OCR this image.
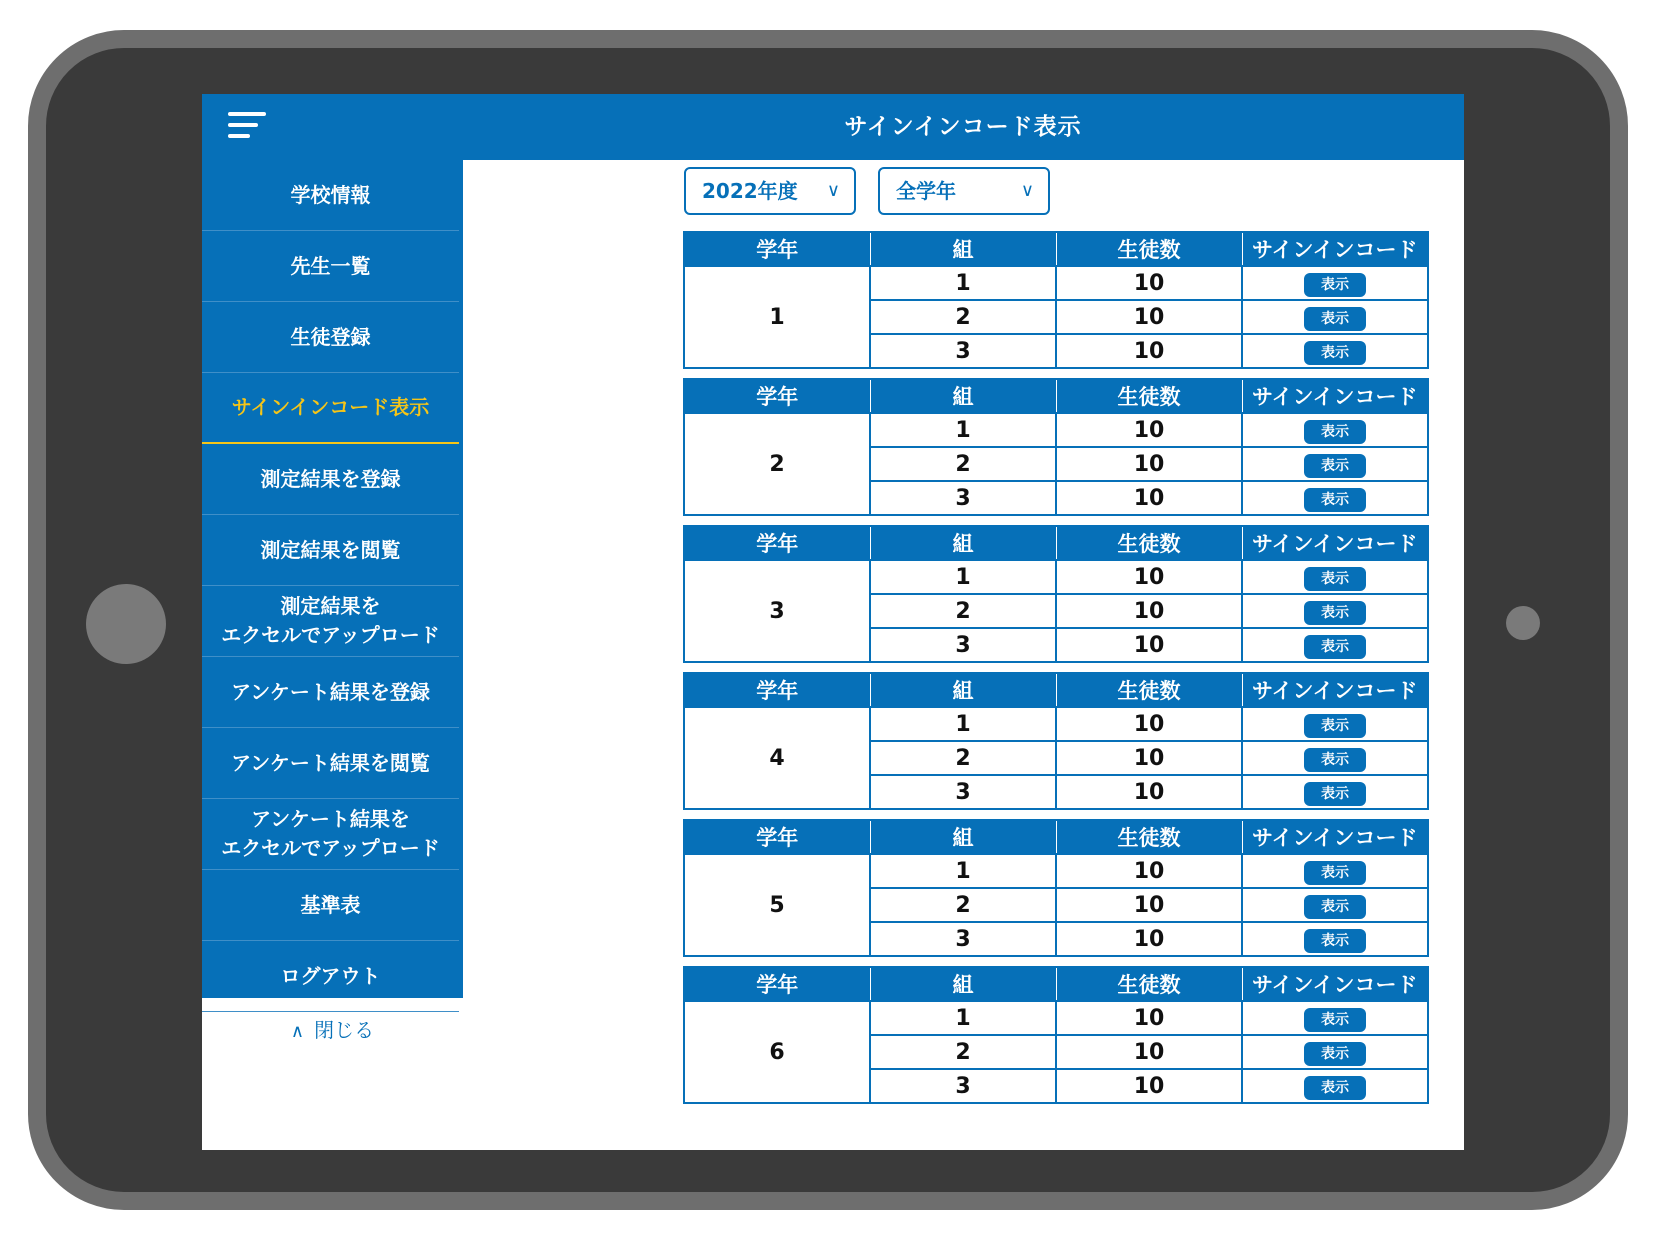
サインインコード表示
学校情報
先生一覧
生徒登録
サインインコード表示
測定結果を登録
測定結果を閲覧
測定結果を
エクセルでアップロード
アンケート結果を登録
アンケート結果を閲覧
アンケート結果を
エクセルでアップロード
基準表
ログアウト
∧ 閉じる
2022年度 ∨	全学年	∨
学年	組	生徒数	サインインコード
1	1	10	表示
	2	10	表示
	3	10	表示
学年	組	生徒数	サインインコード
2	1	10	表示
	2	10	表示
	3	10	表示
学年	組	生徒数	サインインコード
3	1	10	表示
	2	10	表示
	3	10	表示
学年	組	生徒数	サインインコード
4	1	10	表示
	2	10	表示
	3	10	表示
学年	組	生徒数	サインインコード
5	1	10	表示
	2	10	表示
	3	10	表示
学年	組	生徒数	サインインコード
6	1	10	表示
	2	10	表示
	3	10	表示
